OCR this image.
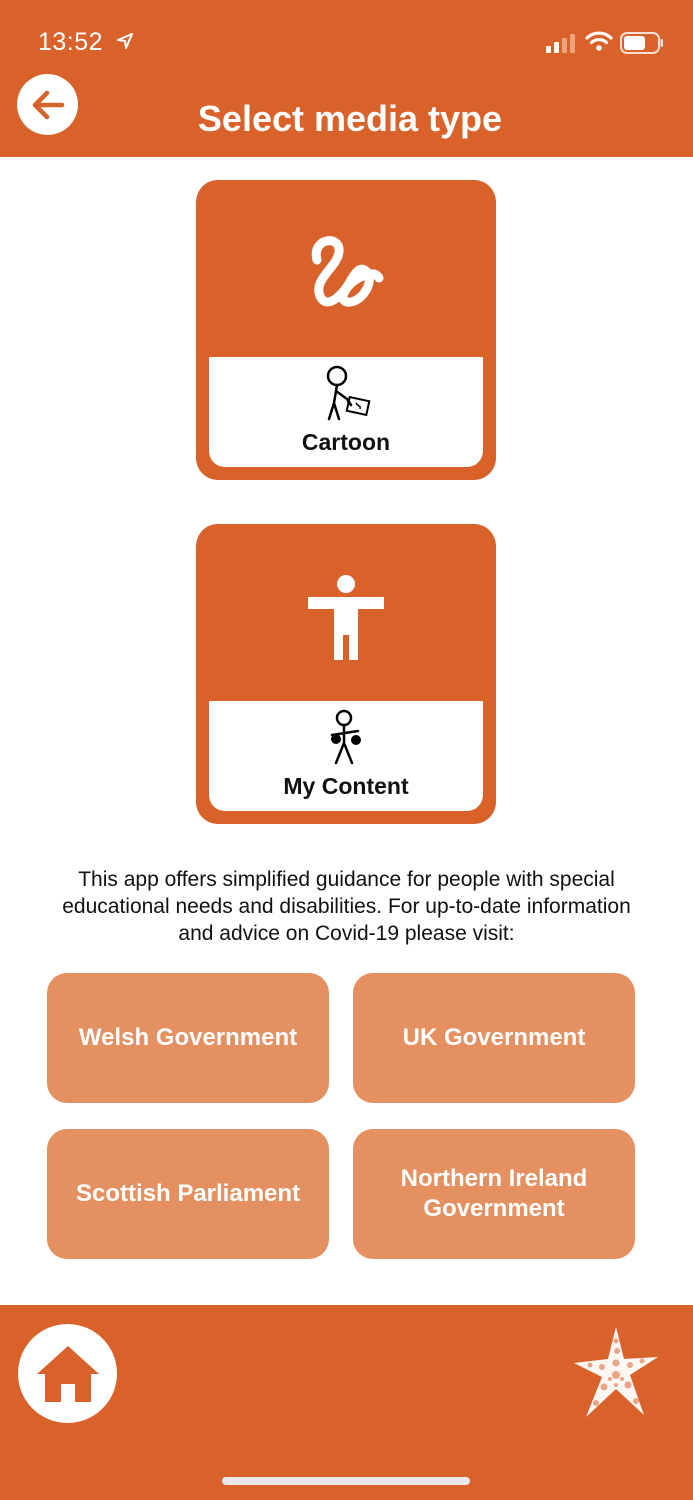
13:52
Select media type
Cartoon
My Content

This app offers simplified guidance for people with special educational needs and disabilities. For up-to-date information and advice on Covid-19 please visit:

Welsh Government	UK Government
Scottish Parliament
Northern Ireland Government
